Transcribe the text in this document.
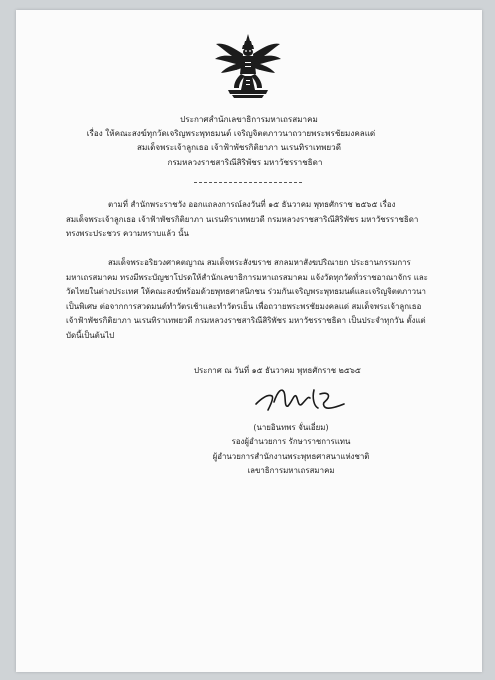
ประกาศสำนักเลขาธิการมหาเถรสมาคม
เรื่อง ให้คณะสงฆ์ทุกวัดเจริญพระพุทธมนต์ เจริญจิตตภาวนาถวายพระพรชัยมงคลแด่
สมเด็จพระเจ้าลูกเธอ เจ้าฟ้าพัชรกิติยาภา นเรนทิราเทพยวดี
กรมหลวงราชสาริณีสิริพัชร มหาวัชรราชธิดา
ตามที่ สำนักพระราชวัง ออกแถลงการณ์ลงวันที่ ๑๕ ธันวาคม พุทธศักราช ๒๕๖๕ เรื่อง
สมเด็จพระเจ้าลูกเธอ เจ้าฟ้าพัชรกิติยาภา นเรนทิราเทพยวดี กรมหลวงราชสาริณีสิริพัชร มหาวัชรราชธิดา
ทรงพระประชวร ความทราบแล้ว นั้น
สมเด็จพระอริยวงศาคตญาณ สมเด็จพระสังฆราช สกลมหาสังฆปริณายก ประธานกรรมการ
มหาเถรสมาคม ทรงมีพระบัญชาโปรดให้สำนักเลขาธิการมหาเถรสมาคม แจ้งวัดทุกวัดทั่วราชอาณาจักร และ
วัดไทยในต่างประเทศ ให้คณะสงฆ์พร้อมด้วยพุทธศาสนิกชน ร่วมกันเจริญพระพุทธมนต์และเจริญจิตตภาวนา
เป็นพิเศษ ต่อจากการสวดมนต์ทำวัตรเช้าและทำวัตรเย็น เพื่อถวายพระพรชัยมงคลแด่ สมเด็จพระเจ้าลูกเธอ
เจ้าฟ้าพัชรกิติยาภา นเรนทิราเทพยวดี กรมหลวงราชสาริณีสิริพัชร มหาวัชรราชธิดา เป็นประจำทุกวัน ตั้งแต่
บัดนี้เป็นต้นไป
ประกาศ ณ วันที่ ๑๕ ธันวาคม พุทธศักราช ๒๕๖๕
(นายอินทพร จั่นเอี่ยม)
รองผู้อำนวยการ รักษาราชการแทน
ผู้อำนวยการสำนักงานพระพุทธศาสนาแห่งชาติ
เลขาธิการมหาเถรสมาคม
